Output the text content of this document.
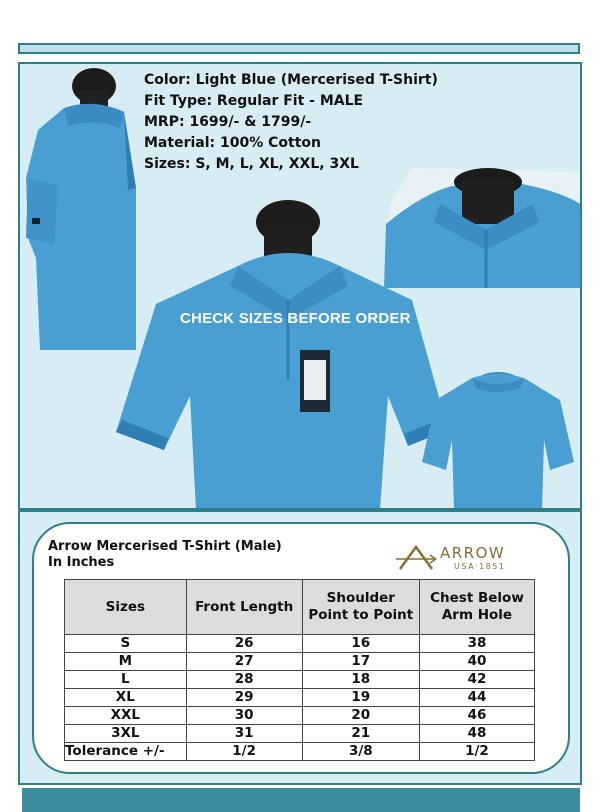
Color: Light Blue (Mercerised T-Shirt)
Fit Type: Regular Fit - MALE
MRP: 1699/- & 1799/-
Material: 100% Cotton
Sizes: S, M, L, XL, XXL, 3XL
CHECK SIZES BEFORE ORDER
Arrow Mercerised T-Shirt (Male)
In Inches
ARROW
USA·1851
Sizes	Front Length	Shoulder Point to Point	Chest Below Arm Hole
S	26	16	38
M	27	17	40
L	28	18	42
XL	29	19	44
XXL	30	20	46
3XL	31	21	48
Tolerance +/-	1/2	3/8	1/2
